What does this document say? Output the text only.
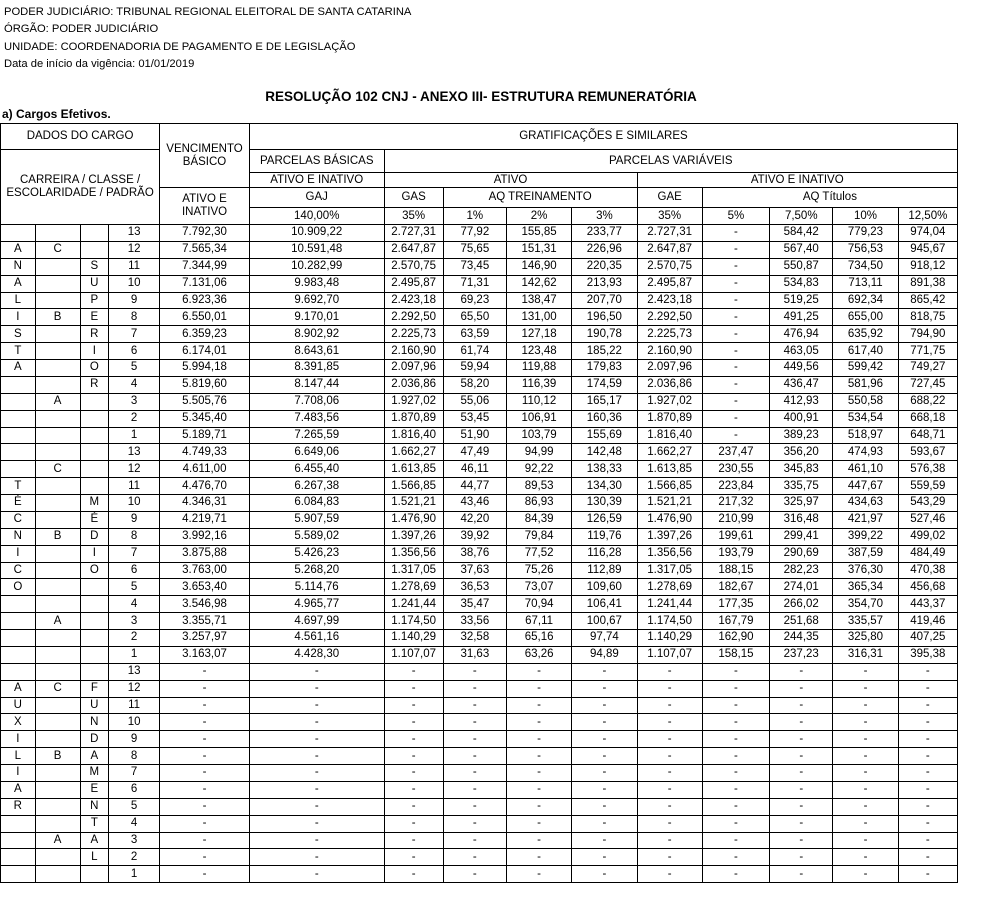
PODER JUDICIÁRIO: TRIBUNAL REGIONAL ELEITORAL DE SANTA CATARINA
ÓRGÃO: PODER JUDICIÁRIO
UNIDADE: COORDENADORIA DE PAGAMENTO E DE LEGISLAÇÃO
Data de início da vigência: 01/01/2019
RESOLUÇÃO 102 CNJ - ANEXO III- ESTRUTURA REMUNERATÓRIA
a) Cargos Efetivos.
DADOS DO CARGO				VENCIMENTO BÁSICO	GRATIFICAÇÕES E SIMILARES									
CARREIRA / CLASSE / ESCOLARIDADE / PADRÃO					PARCELAS BÁSICAS	PARCELAS VARIÁVEIS								
					ATIVO E INATIVO	ATIVO				ATIVO E INATIVO				
				ATIVO E INATIVO	GAJ	GAS	AQ TREINAMENTO			GAE	AQ Títulos			
					140,00%	35%	1%	2%	3%	35%	5%	7,50%	10%	12,50%
			13	7.792,30	10.909,22	2.727,31	77,92	155,85	233,77	2.727,31	-	584,42	779,23	974,04
A	C		12	7.565,34	10.591,48	2.647,87	75,65	151,31	226,96	2.647,87	-	567,40	756,53	945,67
N		S	11	7.344,99	10.282,99	2.570,75	73,45	146,90	220,35	2.570,75	-	550,87	734,50	918,12
A		U	10	7.131,06	9.983,48	2.495,87	71,31	142,62	213,93	2.495,87	-	534,83	713,11	891,38
L		P	9	6.923,36	9.692,70	2.423,18	69,23	138,47	207,70	2.423,18	-	519,25	692,34	865,42
I	B	E	8	6.550,01	9.170,01	2.292,50	65,50	131,00	196,50	2.292,50	-	491,25	655,00	818,75
S		R	7	6.359,23	8.902,92	2.225,73	63,59	127,18	190,78	2.225,73	-	476,94	635,92	794,90
T		I	6	6.174,01	8.643,61	2.160,90	61,74	123,48	185,22	2.160,90	-	463,05	617,40	771,75
A		O	5	5.994,18	8.391,85	2.097,96	59,94	119,88	179,83	2.097,96	-	449,56	599,42	749,27
		R	4	5.819,60	8.147,44	2.036,86	58,20	116,39	174,59	2.036,86	-	436,47	581,96	727,45
	A		3	5.505,76	7.708,06	1.927,02	55,06	110,12	165,17	1.927,02	-	412,93	550,58	688,22
			2	5.345,40	7.483,56	1.870,89	53,45	106,91	160,36	1.870,89	-	400,91	534,54	668,18
			1	5.189,71	7.265,59	1.816,40	51,90	103,79	155,69	1.816,40	-	389,23	518,97	648,71
			13	4.749,33	6.649,06	1.662,27	47,49	94,99	142,48	1.662,27	237,47	356,20	474,93	593,67
	C		12	4.611,00	6.455,40	1.613,85	46,11	92,22	138,33	1.613,85	230,55	345,83	461,10	576,38
T			11	4.476,70	6.267,38	1.566,85	44,77	89,53	134,30	1.566,85	223,84	335,75	447,67	559,59
É		M	10	4.346,31	6.084,83	1.521,21	43,46	86,93	130,39	1.521,21	217,32	325,97	434,63	543,29
C		É	9	4.219,71	5.907,59	1.476,90	42,20	84,39	126,59	1.476,90	210,99	316,48	421,97	527,46
N	B	D	8	3.992,16	5.589,02	1.397,26	39,92	79,84	119,76	1.397,26	199,61	299,41	399,22	499,02
I		I	7	3.875,88	5.426,23	1.356,56	38,76	77,52	116,28	1.356,56	193,79	290,69	387,59	484,49
C		O	6	3.763,00	5.268,20	1.317,05	37,63	75,26	112,89	1.317,05	188,15	282,23	376,30	470,38
O			5	3.653,40	5.114,76	1.278,69	36,53	73,07	109,60	1.278,69	182,67	274,01	365,34	456,68
			4	3.546,98	4.965,77	1.241,44	35,47	70,94	106,41	1.241,44	177,35	266,02	354,70	443,37
	A		3	3.355,71	4.697,99	1.174,50	33,56	67,11	100,67	1.174,50	167,79	251,68	335,57	419,46
			2	3.257,97	4.561,16	1.140,29	32,58	65,16	97,74	1.140,29	162,90	244,35	325,80	407,25
			1	3.163,07	4.428,30	1.107,07	31,63	63,26	94,89	1.107,07	158,15	237,23	316,31	395,38
			13	-	-	-	-	-	-	-	-	-	-	-
A	C	F	12	-	-	-	-	-	-	-	-	-	-	-
U		U	11	-	-	-	-	-	-	-	-	-	-	-
X		N	10	-	-	-	-	-	-	-	-	-	-	-
I		D	9	-	-	-	-	-	-	-	-	-	-	-
L	B	A	8	-	-	-	-	-	-	-	-	-	-	-
I		M	7	-	-	-	-	-	-	-	-	-	-	-
A		E	6	-	-	-	-	-	-	-	-	-	-	-
R		N	5	-	-	-	-	-	-	-	-	-	-	-
		T	4	-	-	-	-	-	-	-	-	-	-	-
	A	A	3	-	-	-	-	-	-	-	-	-	-	-
		L	2	-	-	-	-	-	-	-	-	-	-	-
			1	-	-	-	-	-	-	-	-	-	-	-
